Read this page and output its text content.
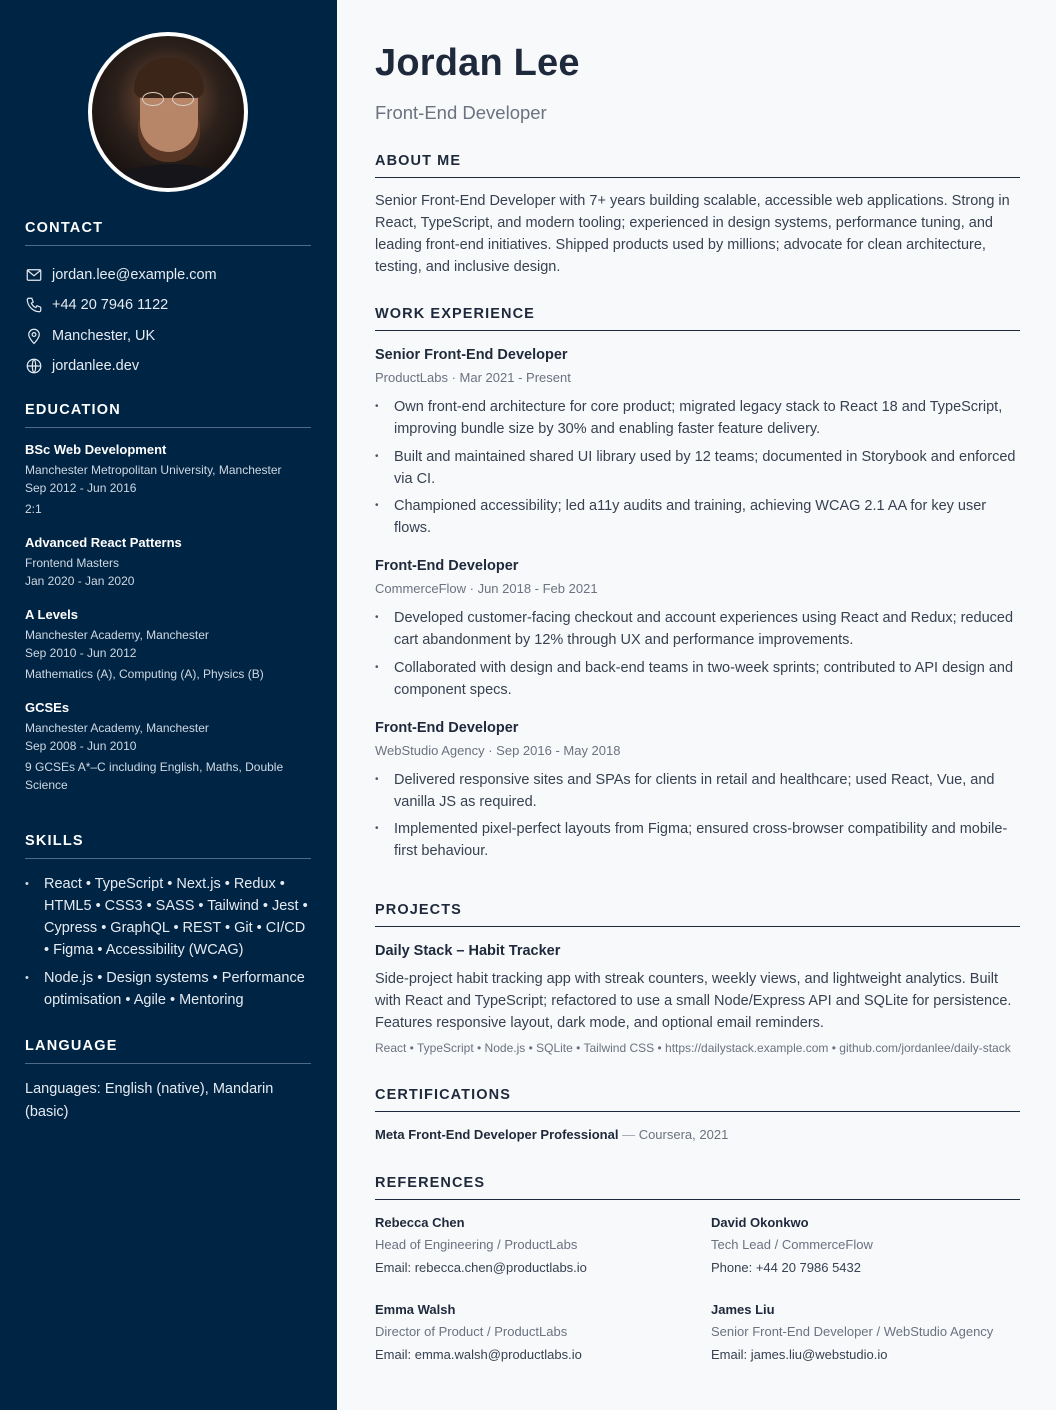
CONTACT
jordan.lee@example.com
+44 20 7946 1122
Manchester, UK
jordanlee.dev
EDUCATION
BSc Web Development
Manchester Metropolitan University, Manchester
Sep 2012 - Jun 2016
2:1
Advanced React Patterns
Frontend Masters
Jan 2020 - Jan 2020
A Levels
Manchester Academy, Manchester
Sep 2010 - Jun 2012
Mathematics (A), Computing (A), Physics (B)
GCSEs
Manchester Academy, Manchester
Sep 2008 - Jun 2010
9 GCSEs A*–C including English, Maths, Double Science
SKILLS
• React • TypeScript • Next.js • Redux • HTML5 • CSS3 • SASS • Tailwind • Jest • Cypress • GraphQL • REST • Git • CI/CD • Figma • Accessibility (WCAG)
• Node.js • Design systems • Performance optimisation • Agile • Mentoring
LANGUAGE

Languages: English (native), Mandarin (basic)

Jordan Lee
Front-End Developer
ABOUT ME

Senior Front-End Developer with 7+ years building scalable, accessible web applications. Strong in React, TypeScript, and modern tooling; experienced in design systems, performance tuning, and leading front-end initiatives. Shipped products used by millions; advocate for clean architecture, testing, and inclusive design.

WORK EXPERIENCE
Senior Front-End Developer
ProductLabs · Mar 2021 - Present
• Own front-end architecture for core product; migrated legacy stack to React 18 and TypeScript, improving bundle size by 30% and enabling faster feature delivery.
• Built and maintained shared UI library used by 12 teams; documented in Storybook and enforced via CI.
• Championed accessibility; led a11y audits and training, achieving WCAG 2.1 AA for key user flows.
Front-End Developer
CommerceFlow · Jun 2018 - Feb 2021
• Developed customer-facing checkout and account experiences using React and Redux; reduced cart abandonment by 12% through UX and performance improvements.
• Collaborated with design and back-end teams in two-week sprints; contributed to API design and component specs.
Front-End Developer
WebStudio Agency · Sep 2016 - May 2018
• Delivered responsive sites and SPAs for clients in retail and healthcare; used React, Vue, and vanilla JS as required.
• Implemented pixel-perfect layouts from Figma; ensured cross-browser compatibility and mobile-first behaviour.
PROJECTS
Daily Stack – Habit Tracker

Side-project habit tracking app with streak counters, weekly views, and lightweight analytics. Built with React and TypeScript; refactored to use a small Node/Express API and SQLite for persistence. Features responsive layout, dark mode, and optional email reminders.

React • TypeScript • Node.js • SQLite • Tailwind CSS • https://dailystack.example.com • github.com/jordanlee/daily-stack
CERTIFICATIONS
Meta Front-End Developer Professional — Coursera, 2021
REFERENCES
Rebecca Chen
Head of Engineering / ProductLabs
Email: rebecca.chen@productlabs.io
David Okonkwo
Tech Lead / CommerceFlow
Phone: +44 20 7986 5432
Emma Walsh
Director of Product / ProductLabs
Email: emma.walsh@productlabs.io
James Liu
Senior Front-End Developer / WebStudio Agency
Email: james.liu@webstudio.io
